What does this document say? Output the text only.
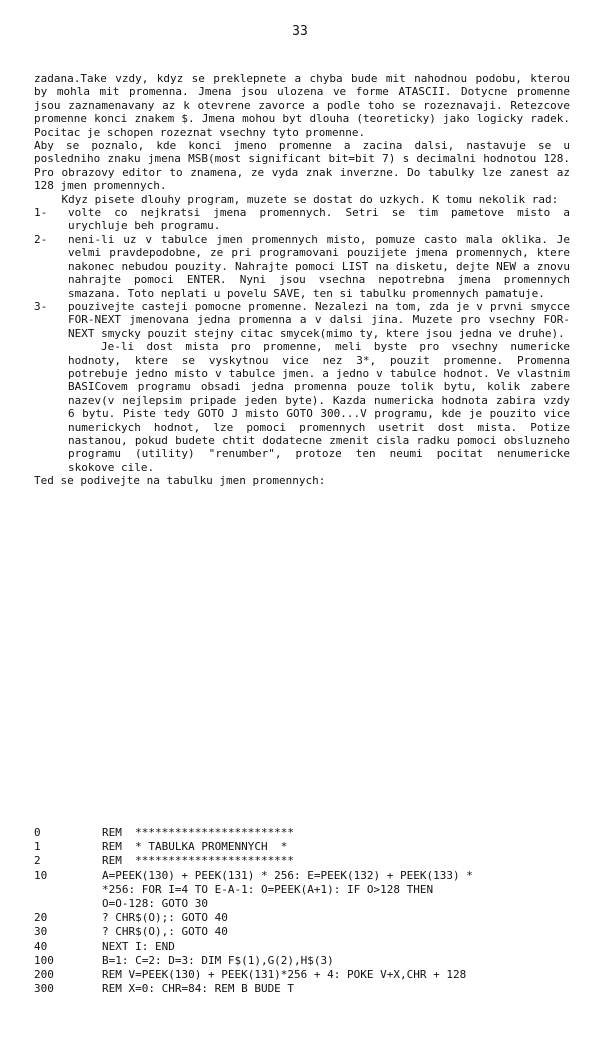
33

zadana.Take vzdy, kdyz se preklepnete a chyba bude mit nahodnou podobu, kterou by mohla mit promenna. Jmena jsou ulozena ve forme ATASCII. Dotycne promenne jsou zaznamenavany az k otevrene zavorce a podle toho se rozeznavaji. Retezcove promenne konci znakem $. Jmena mohou byt dlouha (teoreticky) jako logicky radek. Pocitac je schopen rozeznat vsechny tyto promenne.

Aby se poznalo, kde konci jmeno promenne a zacina dalsi, nastavuje se u posledniho znaku jmena MSB(most significant bit=bit 7) s decimalni hodnotou 128. Pro obrazovy editor to znamena, ze vyda znak inverzne. Do tabulky lze zanest az 128 jmen promennych.

Kdyz pisete dlouhy program, muzete se dostat do uzkych. K tomu nekolik rad:

1-	volte co nejkratsi jmena promennych. Setri se tim pametove misto a urychluje beh programu.
2-	neni-li uz v tabulce jmen promennych misto, pomuze casto mala oklika. Je velmi pravdepodobne, ze pri programovani pouzijete jmena promennych, ktere nakonec nebudou pouzity. Nahrajte pomoci LIST na disketu, dejte NEW a znovu nahrajte pomoci ENTER. Nyni jsou vsechna nepotrebna jmena promennych smazana. Toto neplati u povelu SAVE, ten si tabulku promennych pamatuje.
3-	pouzivejte casteji pomocne promenne. Nezalezi na tom, zda je v prvni smycce FOR-NEXT jmenovana jedna promenna a v dalsi jina. Muzete pro vsechny FOR-NEXT smycky pouzit stejny citac smycek(mimo ty, ktere jsou jedna ve druhe).
Je-li dost mista pro promenne, meli byste pro vsechny numericke hodnoty, ktere se vyskytnou vice nez 3*, pouzit promenne. Promenna potrebuje jedno misto v tabulce jmen. a jedno v tabulce hodnot. Ve vlastnim BASICovem programu obsadi jedna promenna pouze tolik bytu, kolik zabere nazev(v nejlepsim pripade jeden byte). Kazda numericka hodnota zabira vzdy 6 bytu. Piste tedy GOTO J misto GOTO 300...V programu, kde je pouzito vice numerickych hodnot, lze pomoci promennych usetrit dost mista. Potize nastanou, pokud budete chtit dodatecne zmenit cisla radku pomoci obsluzneho programu (utility) "renumber", protoze ten neumi pocitat nenumericke skokove cile.

Ted se podivejte na tabulku jmen promennych:

0	REM  ************************
1	REM  * TABULKA PROMENNYCH  *
2	REM  ************************
10	A=PEEK(130) + PEEK(131) * 256: E=PEEK(132) + PEEK(133) *
*256: FOR I=4 TO E-A-1: O=PEEK(A+1): IF O>128 THEN
O=O-128: GOTO 30
20	? CHR$(O);: GOTO 40
30	? CHR$(O),: GOTO 40
40	NEXT I: END
100	B=1: C=2: D=3: DIM F$(1),G(2),H$(3)
200	REM V=PEEK(130) + PEEK(131)*256 + 4: POKE V+X,CHR + 128
300	REM X=0: CHR=84: REM B BUDE T
